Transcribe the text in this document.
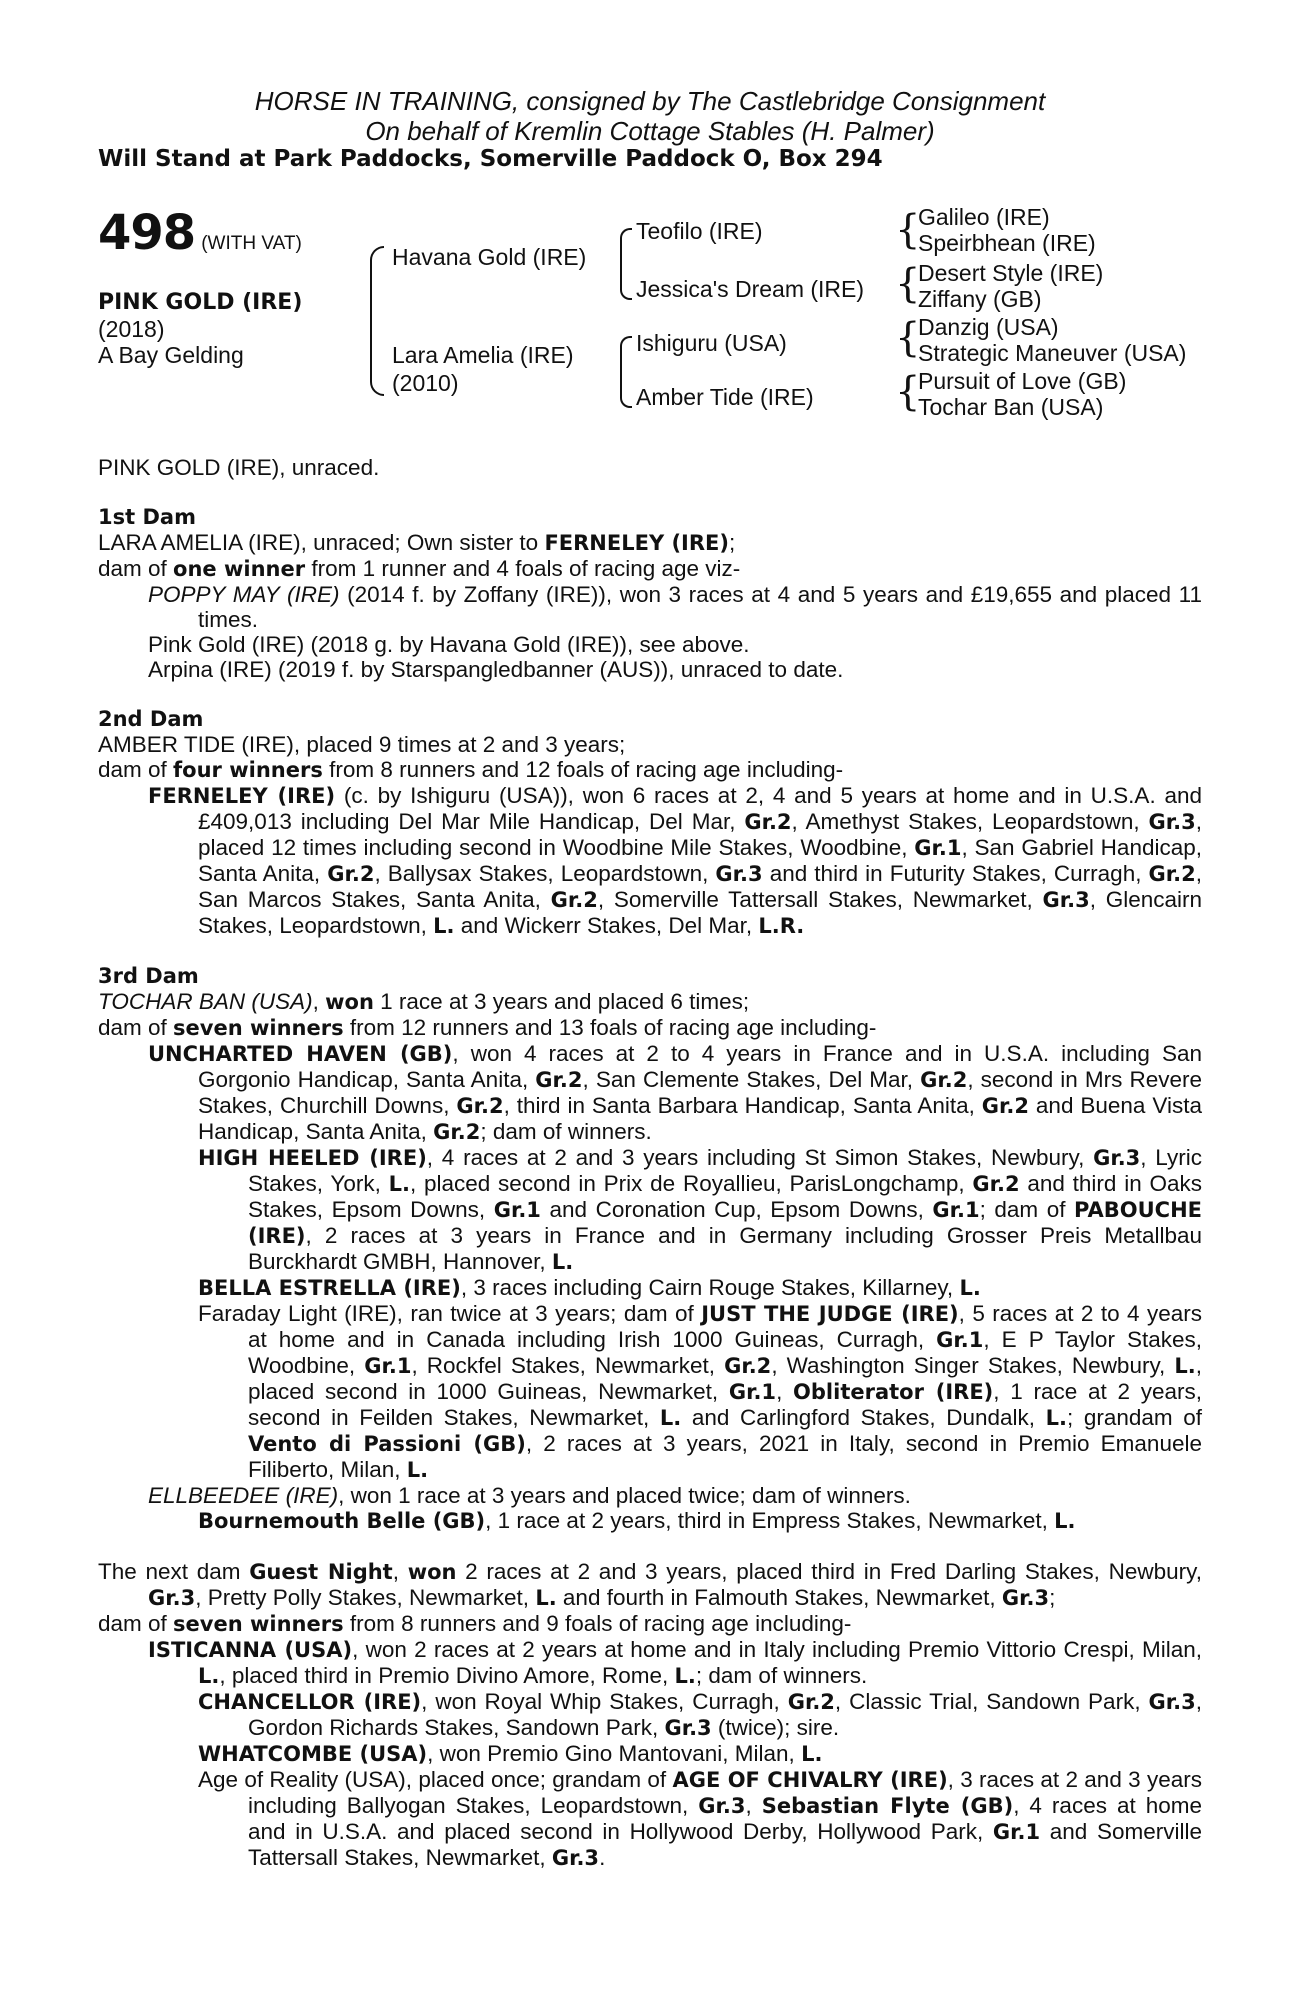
HORSE IN TRAINING, consigned by The Castlebridge Consignment
On behalf of Kremlin Cottage Stables (H. Palmer)
Will Stand at Park Paddocks, Somerville Paddock O, Box 294
498 (WITH VAT)
PINK GOLD (IRE)
(2018)
A Bay Gelding
Havana Gold (IRE)
Lara Amelia (IRE)
(2010)
Teofilo (IRE)
Jessica's Dream (IRE)
Ishiguru (USA)
Amber Tide (IRE)
{
{
{
{
Galileo (IRE)
Speirbhean (IRE)
Desert Style (IRE)
Ziffany (GB)
Danzig (USA)
Strategic Maneuver (USA)
Pursuit of Love (GB)
Tochar Ban (USA)

PINK GOLD (IRE), unraced.

1st Dam

LARA AMELIA (IRE), unraced; Own sister to FERNELEY (IRE);

dam of one winner from 1 runner and 4 foals of racing age viz-

POPPY MAY (IRE) (2014 f. by Zoffany (IRE)), won 3 races at 4 and 5 years and £19,655 and placed 11 times.

Pink Gold (IRE) (2018 g. by Havana Gold (IRE)), see above.

Arpina (IRE) (2019 f. by Starspangledbanner (AUS)), unraced to date.

2nd Dam

AMBER TIDE (IRE), placed 9 times at 2 and 3 years;

dam of four winners from 8 runners and 12 foals of racing age including-

FERNELEY (IRE) (c. by Ishiguru (USA)), won 6 races at 2, 4 and 5 years at home and in U.S.A. and £409,013 including Del Mar Mile Handicap, Del Mar, Gr.2, Amethyst Stakes, Leopardstown, Gr.3, placed 12 times including second in Woodbine Mile Stakes, Woodbine, Gr.1, San Gabriel Handicap, Santa Anita, Gr.2, Ballysax Stakes, Leopardstown, Gr.3 and third in Futurity Stakes, Curragh, Gr.2, San Marcos Stakes, Santa Anita, Gr.2, Somerville Tattersall Stakes, Newmarket, Gr.3, Glencairn Stakes, Leopardstown, L. and Wickerr Stakes, Del Mar, L.R.

3rd Dam

TOCHAR BAN (USA), won 1 race at 3 years and placed 6 times;

dam of seven winners from 12 runners and 13 foals of racing age including-

UNCHARTED HAVEN (GB), won 4 races at 2 to 4 years in France and in U.S.A. including San Gorgonio Handicap, Santa Anita, Gr.2, San Clemente Stakes, Del Mar, Gr.2, second in Mrs Revere Stakes, Churchill Downs, Gr.2, third in Santa Barbara Handicap, Santa Anita, Gr.2 and Buena Vista Handicap, Santa Anita, Gr.2; dam of winners.

HIGH HEELED (IRE), 4 races at 2 and 3 years including St Simon Stakes, Newbury, Gr.3, Lyric Stakes, York, L., placed second in Prix de Royallieu, ParisLongchamp, Gr.2 and third in Oaks Stakes, Epsom Downs, Gr.1 and Coronation Cup, Epsom Downs, Gr.1; dam of PABOUCHE (IRE), 2 races at 3 years in France and in Germany including Grosser Preis Metallbau Burckhardt GMBH, Hannover, L.

BELLA ESTRELLA (IRE), 3 races including Cairn Rouge Stakes, Killarney, L.

Faraday Light (IRE), ran twice at 3 years; dam of JUST THE JUDGE (IRE), 5 races at 2 to 4 years at home and in Canada including Irish 1000 Guineas, Curragh, Gr.1, E P Taylor Stakes, Woodbine, Gr.1, Rockfel Stakes, Newmarket, Gr.2, Washington Singer Stakes, Newbury, L., placed second in 1000 Guineas, Newmarket, Gr.1, Obliterator (IRE), 1 race at 2 years, second in Feilden Stakes, Newmarket, L. and Carlingford Stakes, Dundalk, L.; grandam of Vento di Passioni (GB), 2 races at 3 years, 2021 in Italy, second in Premio Emanuele Filiberto, Milan, L.

ELLBEEDEE (IRE), won 1 race at 3 years and placed twice; dam of winners.

Bournemouth Belle (GB), 1 race at 2 years, third in Empress Stakes, Newmarket, L.

The next dam Guest Night, won 2 races at 2 and 3 years, placed third in Fred Darling Stakes, Newbury, Gr.3, Pretty Polly Stakes, Newmarket, L. and fourth in Falmouth Stakes, Newmarket, Gr.3;

dam of seven winners from 8 runners and 9 foals of racing age including-

ISTICANNA (USA), won 2 races at 2 years at home and in Italy including Premio Vittorio Crespi, Milan, L., placed third in Premio Divino Amore, Rome, L.; dam of winners.

CHANCELLOR (IRE), won Royal Whip Stakes, Curragh, Gr.2, Classic Trial, Sandown Park, Gr.3, Gordon Richards Stakes, Sandown Park, Gr.3 (twice); sire.

WHATCOMBE (USA), won Premio Gino Mantovani, Milan, L.

Age of Reality (USA), placed once; grandam of AGE OF CHIVALRY (IRE), 3 races at 2 and 3 years including Ballyogan Stakes, Leopardstown, Gr.3, Sebastian Flyte (GB), 4 races at home and in U.S.A. and placed second in Hollywood Derby, Hollywood Park, Gr.1 and Somerville Tattersall Stakes, Newmarket, Gr.3.
